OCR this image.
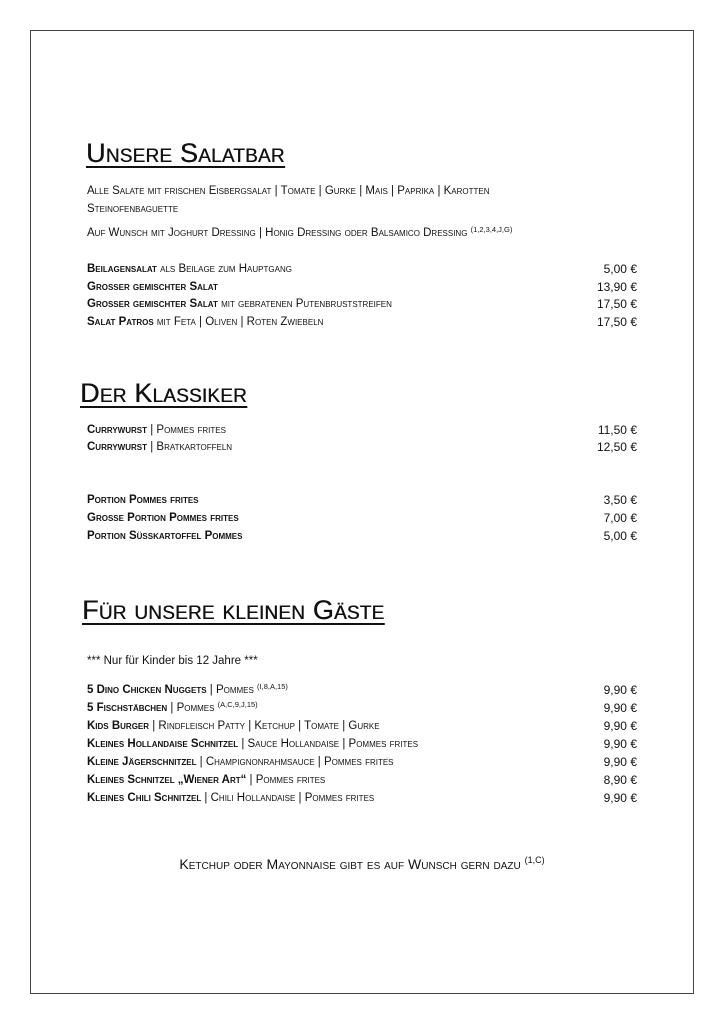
Unsere Salatbar
Alle Salate mit frischen Eisbergsalat | Tomate | Gurke | Mais | Paprika | Karotten
Steinofenbaguette
Auf Wunsch mit Joghurt Dressing | Honig Dressing oder Balsamico Dressing $^{(1,2,3,4,J,G)}$
Beilagensalat als Beilage zum Hauptgang	5,00 €
Großer gemischter Salat	13,90 €
Großer gemischter Salat mit gebratenen Putenbruststreifen	17,50 €
Salat Patros mit Feta | Oliven | Roten Zwiebeln	17,50 €
Der Klassiker
Currywurst | Pommes frites	11,50 €
Currywurst | Bratkartoffeln	12,50 €
Portion Pommes frites	3,50 €
Große Portion Pommes frites	7,00 €
Portion Süßkartoffel Pommes	5,00 €
Für unsere kleinen Gäste
*** Nur für Kinder bis 12 Jahre ***
5 Dino Chicken Nuggets | Pommes $^{(I,8,A,15)}$	9,90 €
5 Fischstäbchen | Pommes $^{(A,C,9,J,15)}$	9,90 €
Kids Burger | Rindfleisch Patty | Ketchup | Tomate | Gurke	9,90 €
Kleines Hollandaise Schnitzel | Sauce Hollandaise | Pommes frites	9,90 €
Kleine Jägerschnitzel | Champignonrahmsauce | Pommes frites	9,90 €
Kleines Schnitzel „Wiener Art“ | Pommes frites	8,90 €
Kleines Chili Schnitzel | Chili Hollandaise | Pommes frites	9,90 €
Ketchup oder Mayonnaise gibt es auf Wunsch gern dazu $^{(1,C)}$
